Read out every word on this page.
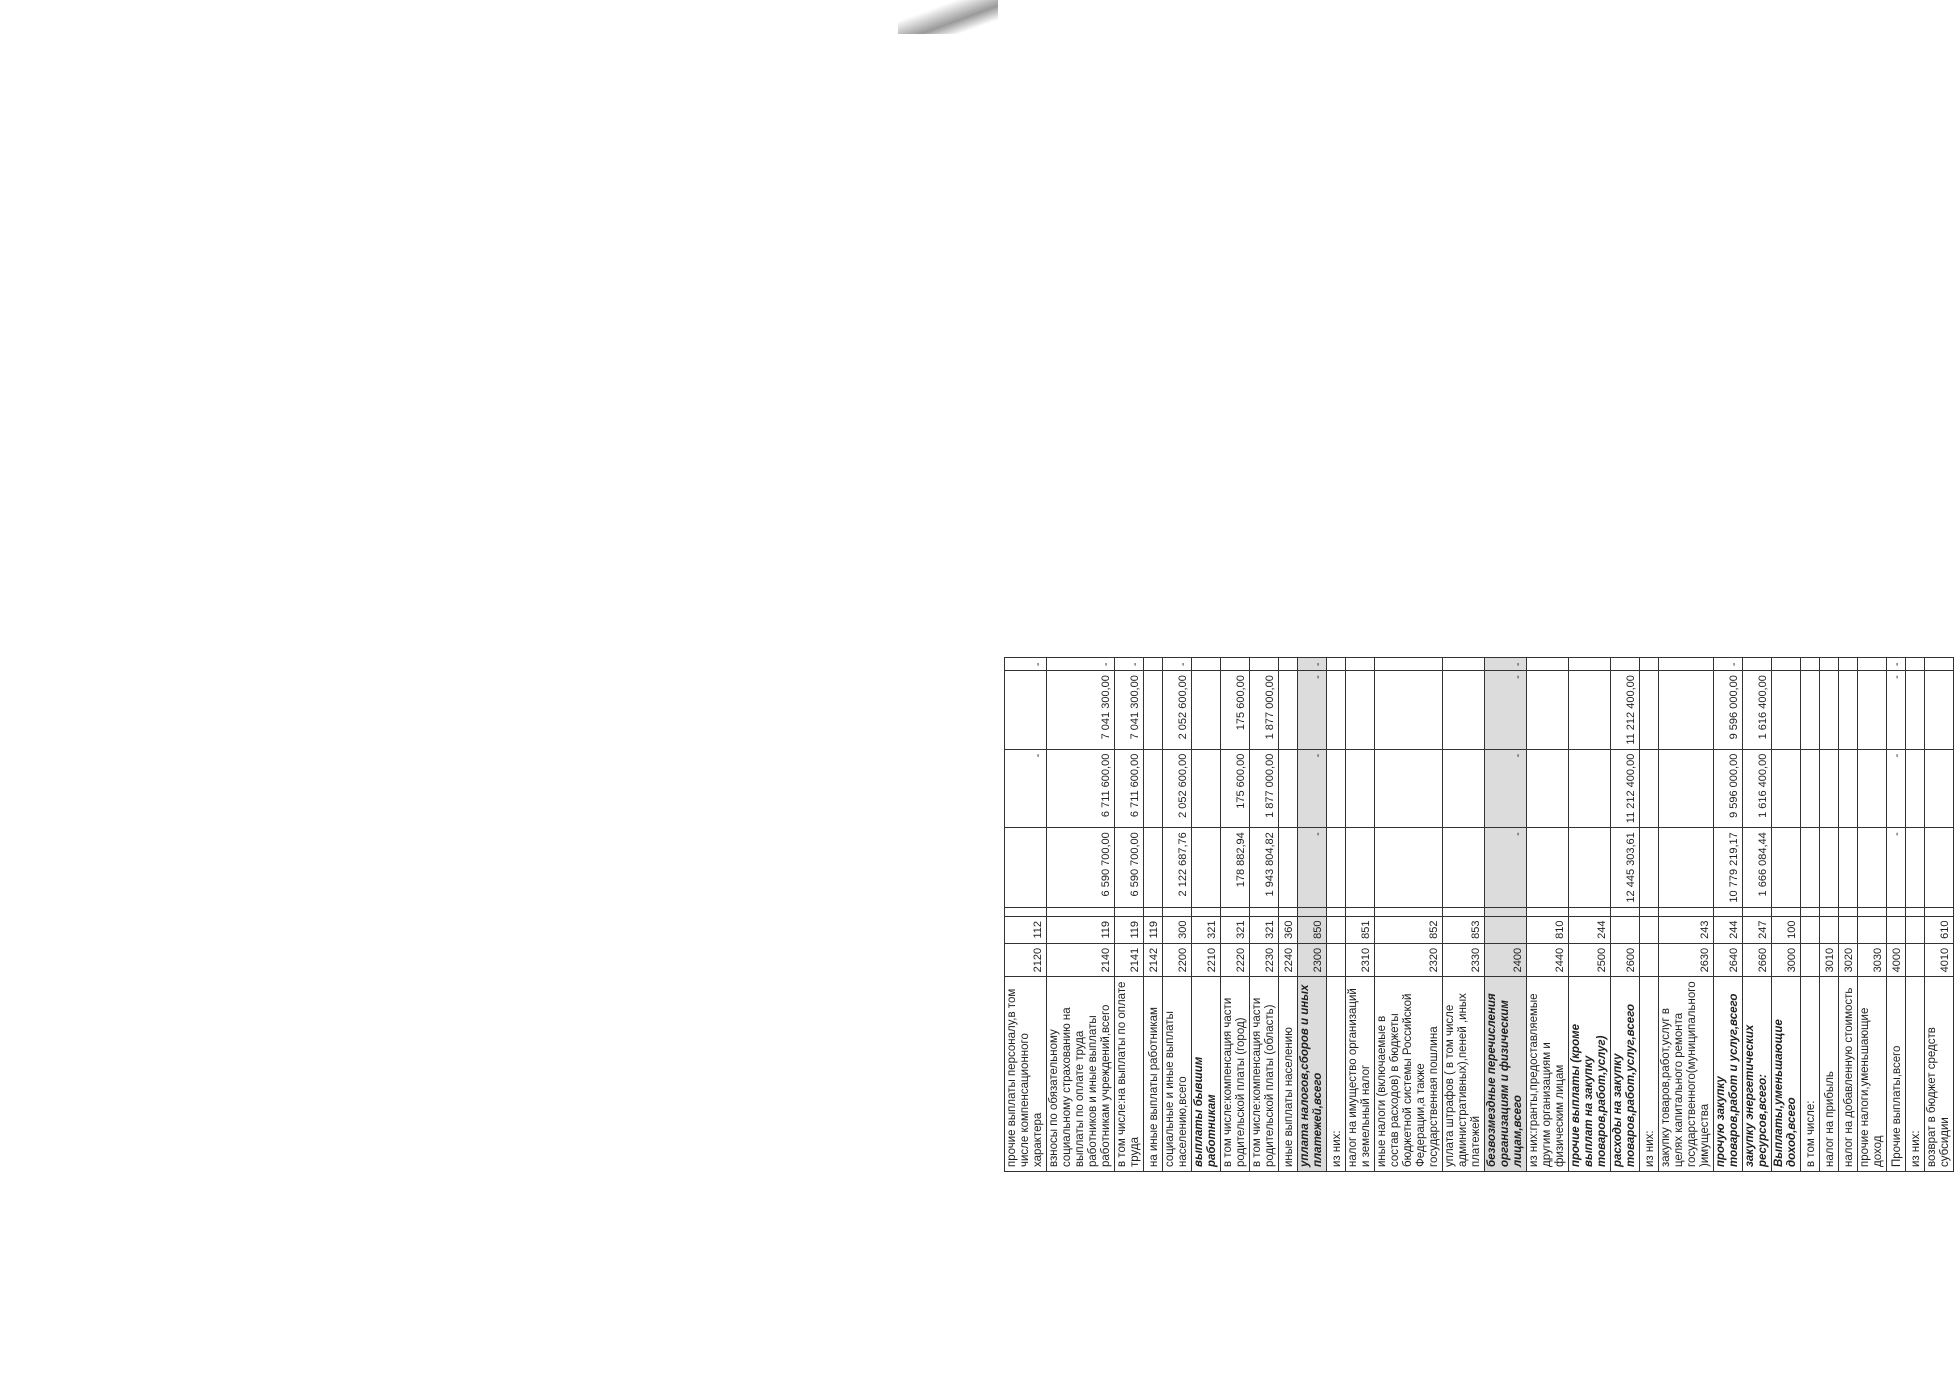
прочие выплаты персоналу,в том числе компенсационного характера	2120	112			-		-
взносы по обязательному социальному страхованию на выплаты по оплате труда работников и иные выплаты работникам учреждений,всего	2140	119		6 590 700,00	6 711 600,00	7 041 300,00	-
в том числе:на выплаты по оплате труда	2141	119		6 590 700,00	6 711 600,00	7 041 300,00	-
на иные выплаты работникам	2142	119					
социальные и иные выплаты населению,всего	2200	300		2 122 687,76	2 052 600,00	2 052 600,00	-
выплаты бывшим работникам	2210	321					
в том числе:компенсация части родительской платы (город)	2220	321		178 882,94	175 600,00	175 600,00	
в том числе:компенсация части родительской платы (область)	2230	321		1 943 804,82	1 877 000,00	1 877 000,00	
иные выплаты населению	2240	360					
уплата налогов,сборов и иных платежей,всего	2300	850		-	-	-	-
из них:							
налог на имущество организаций и земельный налог	2310	851					
иные налоги (включаемые в состав расходов) в бюджеты бюджетной системы Российской Федерации,а также государственная пошлина	2320	852					
уплата штрафов ( в том числе административных),пеней ,иных платежей	2330	853					
безвозмездные перечисления организациям и физическим лицам,всего	2400			-	-	-	-
из них:гранты,предоставляемые другим организациям и физическим лицам	2440	810					
прочие выплаты (кроме выплат на закупку товаров,работ,услуг)	2500	244					
расходы на закупку товаров,работ,услуг,всего	2600			12 445 303,61	11 212 400,00	11 212 400,00	
из них:							
закупку товаров,работ,услуг в целях капитального ремонта государственного(муниципального )имущества	2630	243					
прочую закупку товаров,работ и услуг,всего	2640	244		10 779 219,17	9 596 000,00	9 596 000,00	-
закупку энергетических ресурсов,всего:	2660	247		1 666 084,44	1 616 400,00	1 616 400,00	
Выплаты,уменьшающие доход,всего	3000	100					
в том числе:							
налог на прибыль	3010						
налог на добавленную стоимость	3020						
прочие налоги,уменьшающие доход	3030						
Прочие выплаты,всего	4000			-	-	-	-
из них:							
возврат в бюджет средств субсидии	4010	610					
